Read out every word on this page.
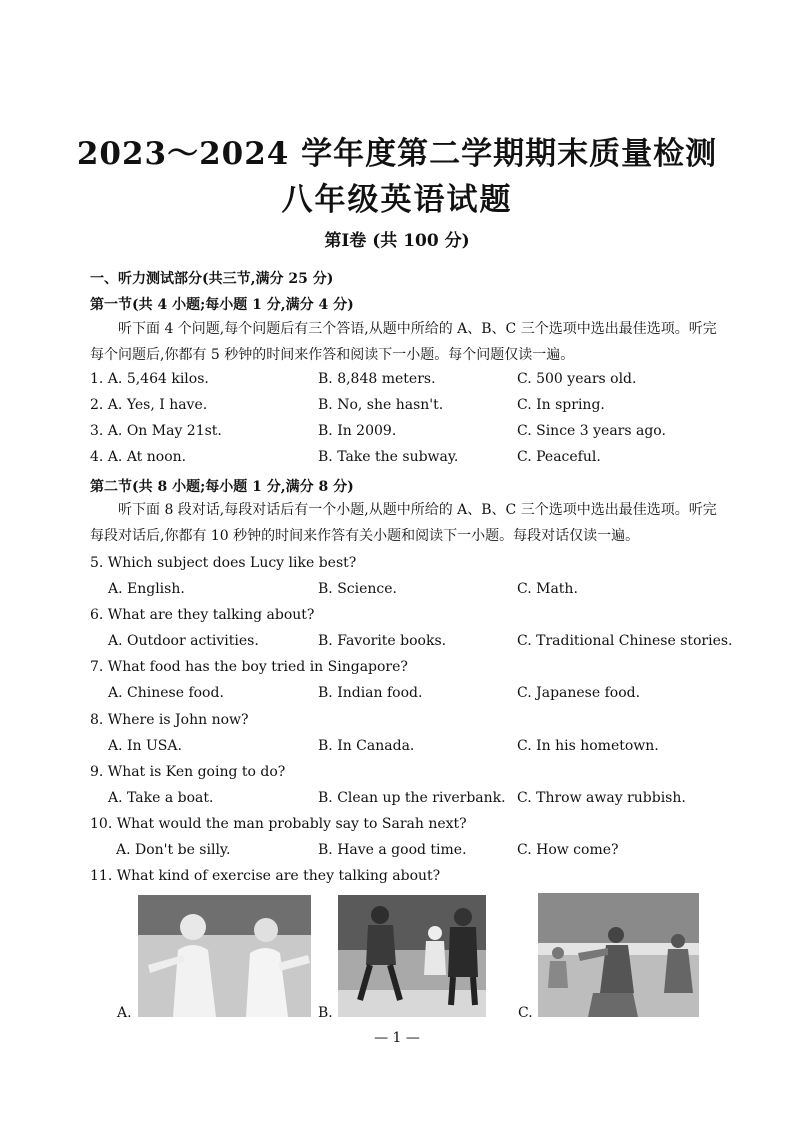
2023～2024 学年度第二学期期末质量检测
八年级英语试题
第Ⅰ卷 (共 100 分)
一、听力测试部分(共三节,满分 25 分)
第一节(共 4 小题;每小题 1 分,满分 4 分)
听下面 4 个问题,每个问题后有三个答语,从题中所给的 A、B、C 三个选项中选出最佳选项。听完每个问题后,你都有 5 秒钟的时间来作答和阅读下一小题。每个问题仅读一遍。
1. A. 5,464 kilos.	B. 8,848 meters.	C. 500 years old.
2. A. Yes, I have.	B. No, she hasn't.	C. In spring.
3. A. On May 21st.	B. In 2009.	C. Since 3 years ago.
4. A. At noon.	B. Take the subway.	C. Peaceful.
第二节(共 8 小题;每小题 1 分,满分 8 分)
听下面 8 段对话,每段对话后有一个小题,从题中所给的 A、B、C 三个选项中选出最佳选项。听完每段对话后,你都有 10 秒钟的时间来作答有关小题和阅读下一小题。每段对话仅读一遍。
5. Which subject does Lucy like best?
A. English.	B. Science.	C. Math.
6. What are they talking about?
A. Outdoor activities.	B. Favorite books.	C. Traditional Chinese stories.
7. What food has the boy tried in Singapore?
A. Chinese food.	B. Indian food.	C. Japanese food.
8. Where is John now?
A. In USA.	B. In Canada.	C. In his hometown.
9. What is Ken going to do?
A. Take a boat.	B. Clean up the riverbank. C. Throw away rubbish.
10. What would the man probably say to Sarah next?
A. Don't be silly.	B. Have a good time.	C. How come?
11. What kind of exercise are they talking about?
A.	B.	C.
— 1 —
